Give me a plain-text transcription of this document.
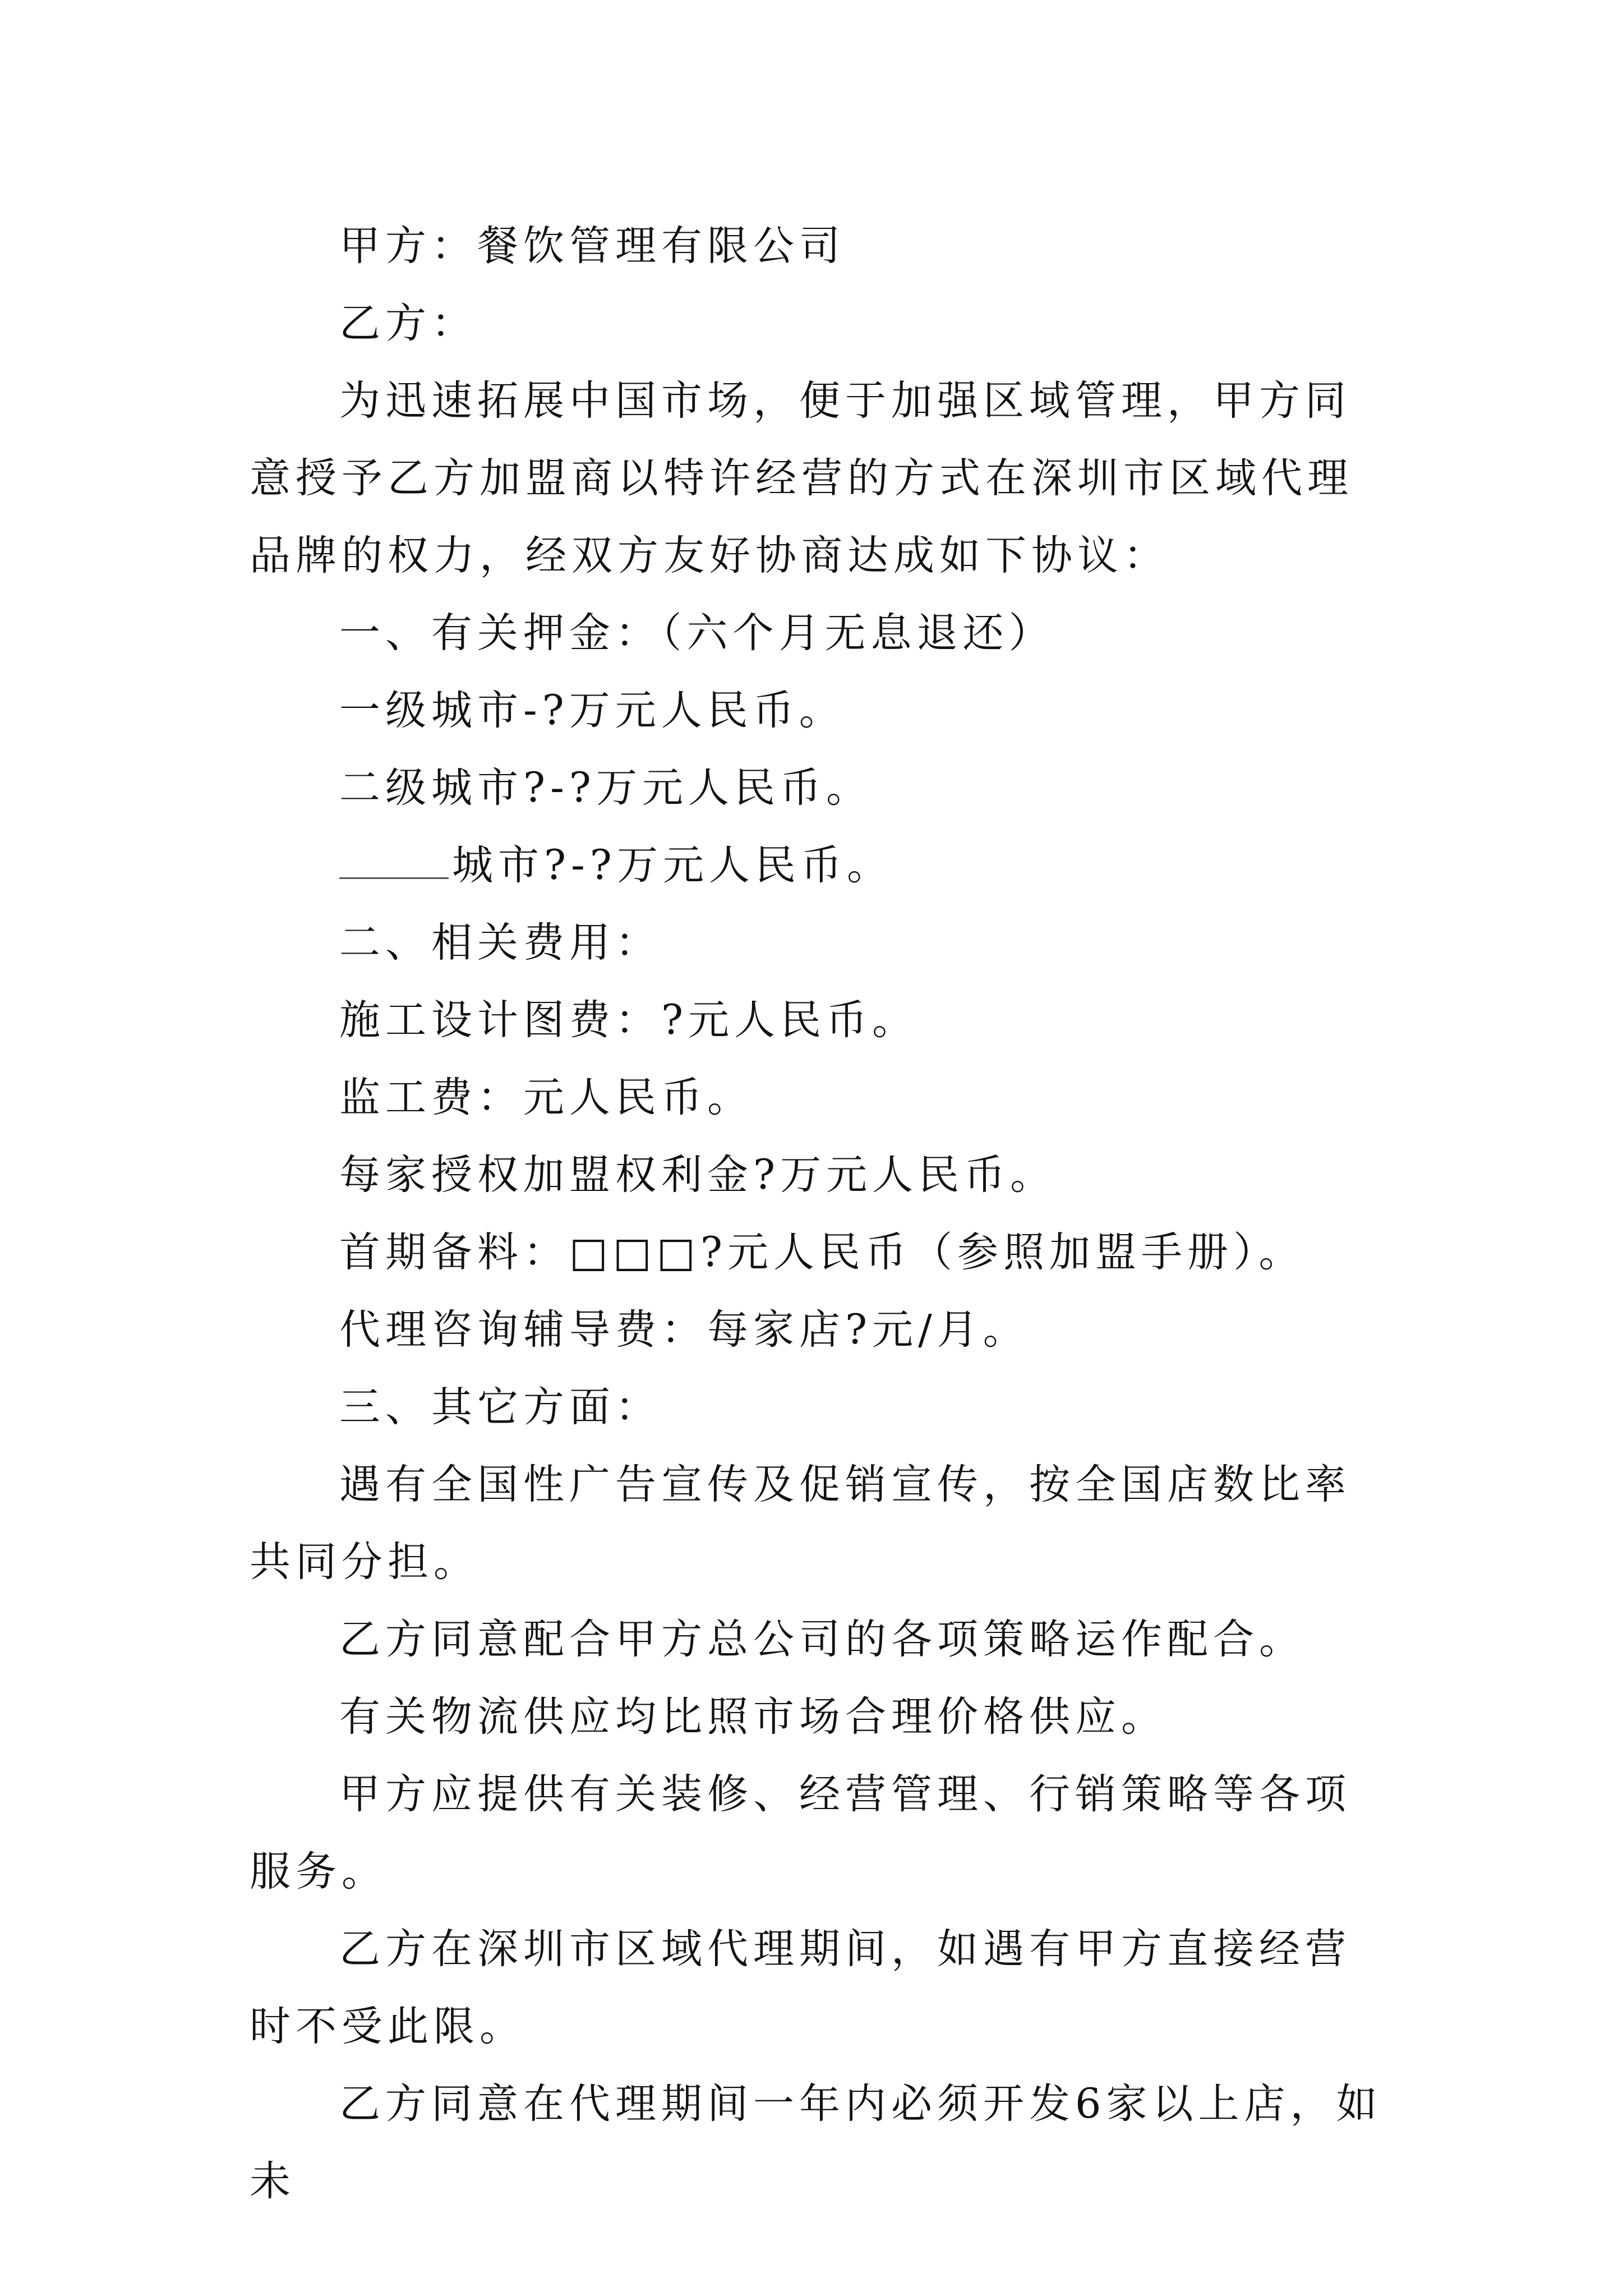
甲方：餐饮管理有限公司

乙方：

为迅速拓展中国市场，便于加强区域管理，甲方同意授予乙方加盟商以特许经营的方式在深圳市区域代理品牌的权力，经双方友好协商达成如下协议：

一、有关押金：（六个月无息退还）

一级城市-?万元人民币。

二级城市?-?万元人民币。

城市?-?万元人民币。

二、相关费用：

施工设计图费：?元人民币。

监工费：元人民币。

每家授权加盟权利金?万元人民币。

首期备料：□□□?元人民币（参照加盟手册）。

代理咨询辅导费：每家店?元/月。

三、其它方面：

遇有全国性广告宣传及促销宣传，按全国店数比率共同分担。

乙方同意配合甲方总公司的各项策略运作配合。

有关物流供应均比照市场合理价格供应。

甲方应提供有关装修、经营管理、行销策略等各项服务。

乙方在深圳市区域代理期间，如遇有甲方直接经营时不受此限。

乙方同意在代理期间一年内必须开发6家以上店，如未
